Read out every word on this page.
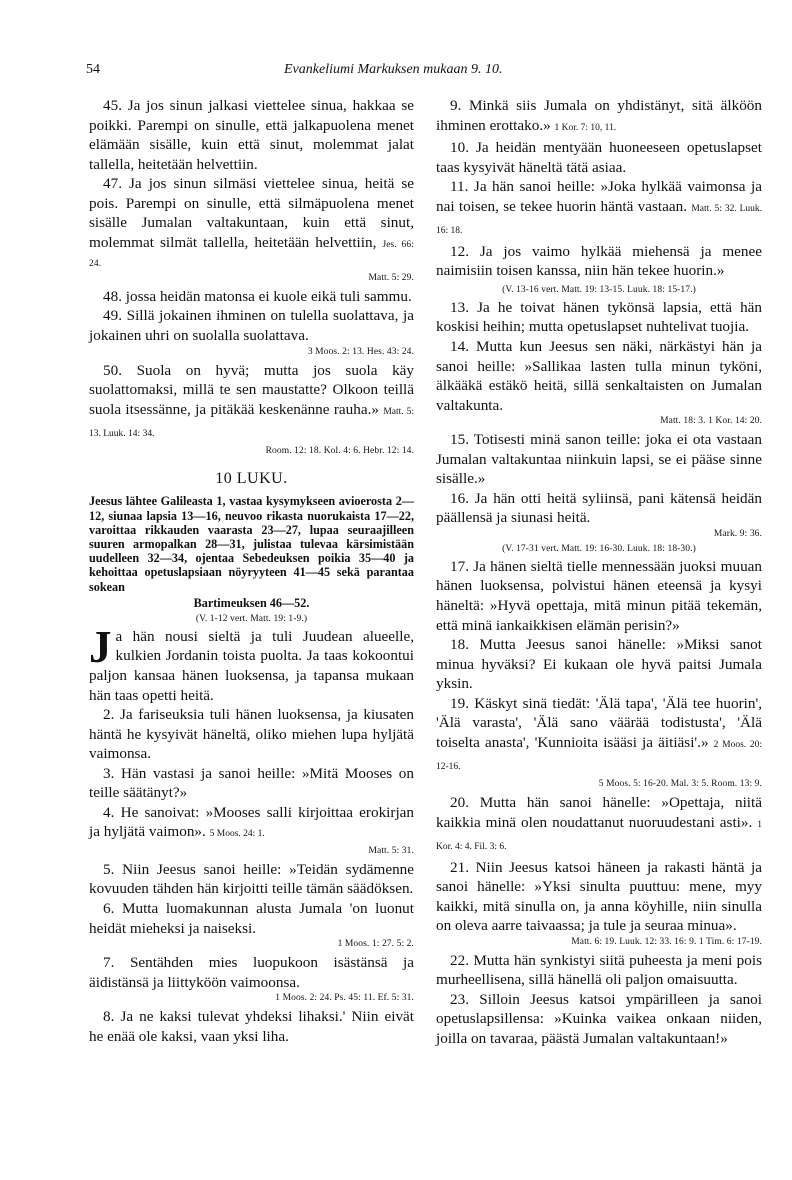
54	Evankeliumi Markuksen mukaan 9. 10.

45. Ja jos sinun jalkasi viettelee sinua, hakkaa se poikki. Parempi on sinulle, että jalkapuolena menet elämään sisälle, kuin että sinut, molemmat jalat tallella, heitetään helvettiin.

47. Ja jos sinun silmäsi viettelee sinua, heitä se pois. Parempi on sinulle, että silmäpuolena menet sisälle Jumalan valtakuntaan, kuin että sinut, molemmat silmät tallella, heitetään helvettiin, Jes. 66: 24.

Matt. 5: 29.

48. jossa heidän matonsa ei kuole eikä tuli sammu.

49. Sillä jokainen ihminen on tulella suolattava, ja jokainen uhri on suolalla suolattava.

3 Moos. 2: 13. Hes. 43: 24.

50. Suola on hyvä; mutta jos suola käy suolattomaksi, millä te sen maustatte? Olkoon teillä suola itsessänne, ja pitäkää keskenänne rauha.» Matt. 5: 13. Luuk. 14: 34.

Room. 12: 18. Kol. 4: 6. Hebr. 12: 14.

10 LUKU.

Jeesus lähtee Galileasta 1, vastaa kysymykseen avioerosta 2—12, siunaa lapsia 13—16, neuvoo rikasta nuorukaista 17—22, varoittaa rikkauden vaarasta 23—27, lupaa seuraajilleen suuren armopalkan 28—31, julistaa tulevaa kärsimistään uudelleen 32—34, ojentaa Sebedeuksen poikia 35—40 ja kehoittaa opetuslapsiaan nöyryyteen 41—45 sekä parantaa sokean

Bartimeuksen 46—52.

(V. 1-12 vert. Matt. 19: 1-9.)

Ja hän nousi sieltä ja tuli Juudean alueelle, kulkien Jordanin toista puolta. Ja taas kokoontui paljon kansaa hänen luoksensa, ja tapansa mukaan hän taas opetti heitä.

2. Ja fariseuksia tuli hänen luoksensa, ja kiusaten häntä he kysyivät häneltä, oliko miehen lupa hyljätä vaimonsa.

3. Hän vastasi ja sanoi heille: »Mitä Mooses on teille säätänyt?»

4. He sanoivat: »Mooses salli kirjoittaa erokirjan ja hyljätä vaimon». 5 Moos. 24: 1.

Matt. 5: 31.

5. Niin Jeesus sanoi heille: »Teidän sydämenne kovuuden tähden hän kirjoitti teille tämän säädöksen.

6. Mutta luomakunnan alusta Jumala 'on luonut heidät mieheksi ja naiseksi.

1 Moos. 1: 27. 5: 2.

7. Sentähden mies luopukoon isästänsä ja äidistänsä ja liittyköön vaimoonsa.

1 Moos. 2: 24. Ps. 45: 11. Ef. 5: 31.

8. Ja ne kaksi tulevat yhdeksi lihaksi.' Niin eivät he enää ole kaksi, vaan yksi liha.

9. Minkä siis Jumala on yhdistänyt, sitä älköön ihminen erottako.» 1 Kor. 7: 10, 11.

10. Ja heidän mentyään huoneeseen opetuslapset taas kysyivät häneltä tätä asiaa.

11. Ja hän sanoi heille: »Joka hylkää vaimonsa ja nai toisen, se tekee huorin häntä vastaan. Matt. 5: 32. Luuk. 16: 18.

12. Ja jos vaimo hylkää miehensä ja menee naimisiin toisen kanssa, niin hän tekee huorin.»

(V. 13-16 vert. Matt. 19: 13-15. Luuk. 18: 15-17.)

13. Ja he toivat hänen tykönsä lapsia, että hän koskisi heihin; mutta opetuslapset nuhtelivat tuojia.

14. Mutta kun Jeesus sen näki, närkästyi hän ja sanoi heille: »Sallikaa lasten tulla minun tyköni, älkääkä estäkö heitä, sillä senkaltaisten on Jumalan valtakunta.

Matt. 18: 3. 1 Kor. 14: 20.

15. Totisesti minä sanon teille: joka ei ota vastaan Jumalan valtakuntaa niinkuin lapsi, se ei pääse sinne sisälle.»

16. Ja hän otti heitä syliinsä, pani kätensä heidän päällensä ja siunasi heitä.

Mark. 9: 36.

(V. 17-31 vert. Matt. 19: 16-30. Luuk. 18: 18-30.)

17. Ja hänen sieltä tielle mennessään juoksi muuan hänen luoksensa, polvistui hänen eteensä ja kysyi häneltä: »Hyvä opettaja, mitä minun pitää tekemän, että minä iankaikkisen elämän perisin?»

18. Mutta Jeesus sanoi hänelle: »Miksi sanot minua hyväksi? Ei kukaan ole hyvä paitsi Jumala yksin.

19. Käskyt sinä tiedät: 'Älä tapa', 'Älä tee huorin', 'Älä varasta', 'Älä sano väärää todistusta', 'Älä toiselta anasta', 'Kunnioita isääsi ja äitiäsi'.» 2 Moos. 20: 12-16.

5 Moos. 5: 16-20. Mal. 3: 5. Room. 13: 9.

20. Mutta hän sanoi hänelle: »Opettaja, niitä kaikkia minä olen noudattanut nuoruudestani asti». 1 Kor. 4: 4. Fil. 3: 6.

21. Niin Jeesus katsoi häneen ja rakasti häntä ja sanoi hänelle: »Yksi sinulta puuttuu: mene, myy kaikki, mitä sinulla on, ja anna köyhille, niin sinulla on oleva aarre taivaassa; ja tule ja seuraa minua».

Matt. 6: 19. Luuk. 12: 33. 16: 9. 1 Tim. 6: 17-19.

22. Mutta hän synkistyi siitä puheesta ja meni pois murheellisena, sillä hänellä oli paljon omaisuutta.

23. Silloin Jeesus katsoi ympärilleen ja sanoi opetuslapsillensa: »Kuinka vaikea onkaan niiden, joilla on tavaraa, päästä Jumalan valtakuntaan!»
